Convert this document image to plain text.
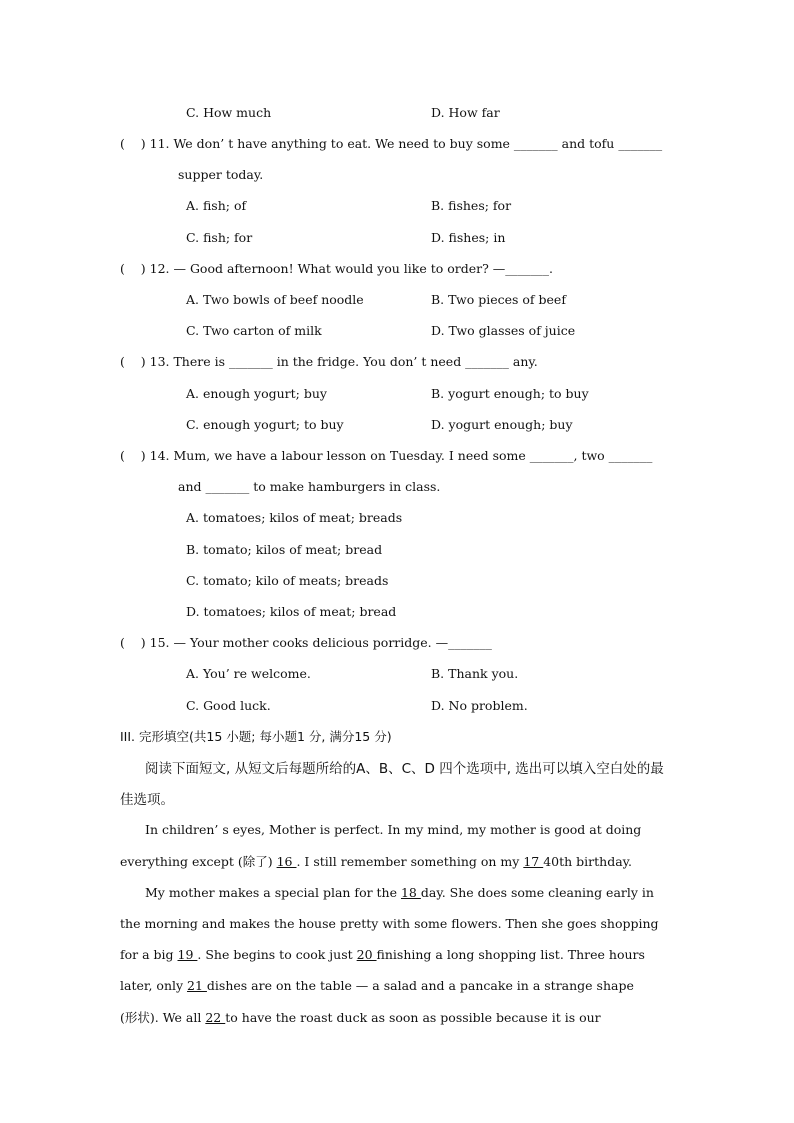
C. How much	D. How far
(    ) 11. We don’ t have anything to eat. We need to buy some _______ and tofu _______
supper today.
A. fish; of	B. fishes; for
C. fish; for	D. fishes; in
(    ) 12. — Good afternoon! What would you like to order? —_______.
A. Two bowls of beef noodle	B. Two pieces of beef
C. Two carton of milk	D. Two glasses of juice
(    ) 13. There is _______ in the fridge. You don’ t need _______ any.
A. enough yogurt; buy	B. yogurt enough; to buy
C. enough yogurt; to buy	D. yogurt enough; buy
(    ) 14. Mum, we have a labour lesson on Tuesday. I need some _______, two _______
and _______ to make hamburgers in class.
A. tomatoes; kilos of meat; breads
B. tomato; kilos of meat; bread
C. tomato; kilo of meats; breads
D. tomatoes; kilos of meat; bread
(    ) 15. — Your mother cooks delicious porridge. —_______
A. You’ re welcome.	B. Thank you.
C. Good luck.	D. No problem.
III. 完形填空(共15 小题; 每小题1 分, 满分15 分)
阅读下面短文, 从短文后每题所给的A、B、C、D 四个选项中, 选出可以填入空白处的最
佳选项。
In children’ s eyes, Mother is perfect. In my mind, my mother is good at doing
everything except (除了) 16 . I still remember something on my 17 40th birthday.
My mother makes a special plan for the 18 day. She does some cleaning early in
the morning and makes the house pretty with some flowers. Then she goes shopping
for a big 19 . She begins to cook just 20 finishing a long shopping list. Three hours
later, only 21 dishes are on the table — a salad and a pancake in a strange shape
(形状). We all 22 to have the roast duck as soon as possible because it is our
